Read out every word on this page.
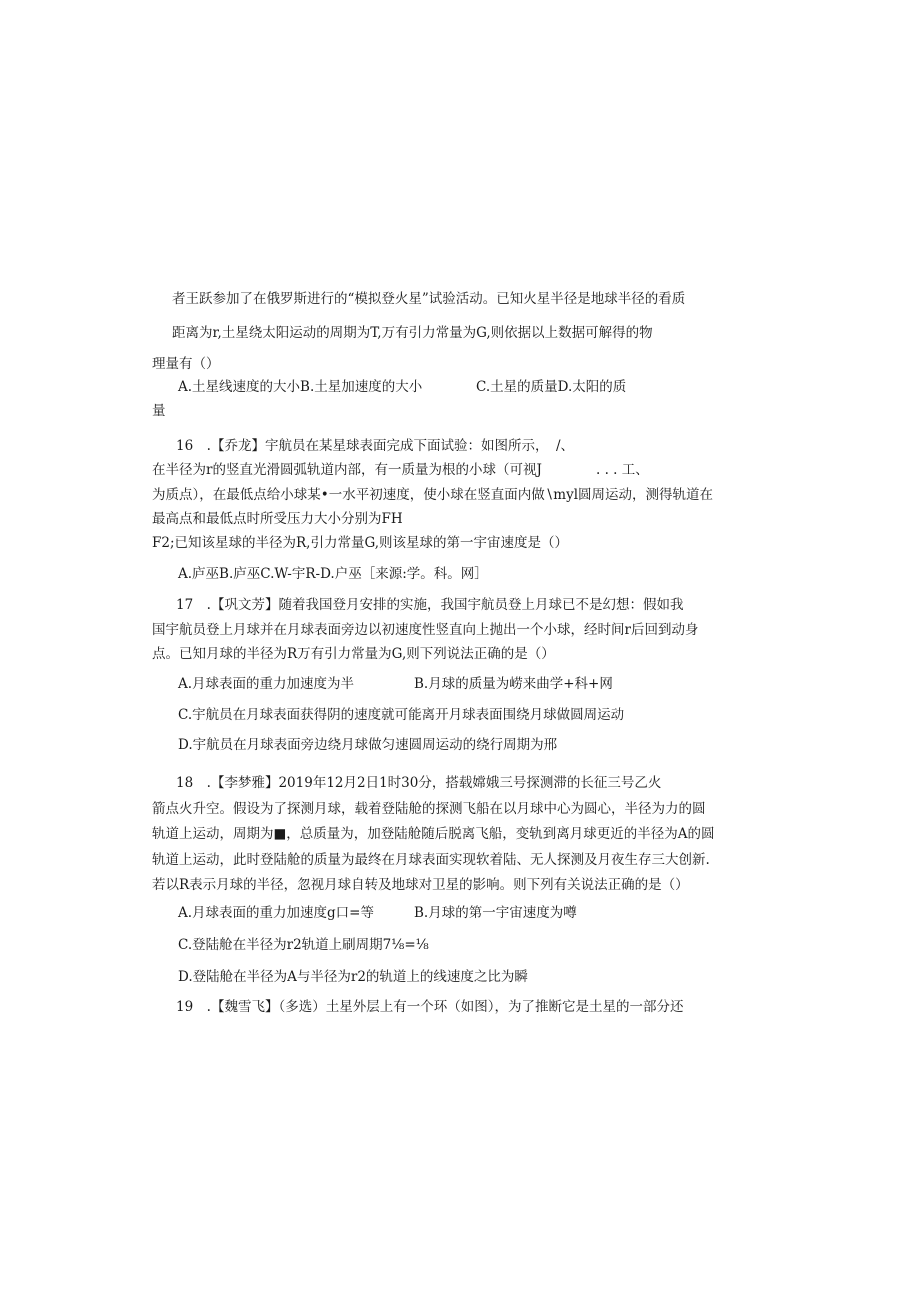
者王跃参加了在俄罗斯进行的“模拟登火星”试验活动。已知火星半径是地球半径的看质
距离为r,土星绕太阳运动的周期为T,万有引力常量为G,则依据以上数据可解得的物
理量有（）
A.土星线速度的大小B.土星加速度的大小	C.土星的质量D.太阳的质
量
16　.【乔龙】宇航员在某星球表面完成下面试验：如图所示， /、
在半径为r的竖直光滑圆弧轨道内部，有一质量为根的小球（可视J	. . . 工、
为质点），在最低点给小球某•一水平初速度，使小球在竖直面内做∖myl圆周运动，测得轨道在
最高点和最低点时所受压力大小分别为FH
F2;已知该星球的半径为R,引力常量G,则该星球的第一宇宙速度是（）
A.庐巫B.庐巫C.W-宇R-D.户巫［来源:学。科。网］
17　.【巩文芳】随着我国登月安排的实施，我国宇航员登上月球已不是幻想：假如我
国宇航员登上月球并在月球表面旁边以初速度性竖直向上抛出一个小球，经时间r后回到动身
点。已知月球的半径为R万有引力常量为G,则下列说法正确的是（）
A.月球表面的重力加速度为半	B.月球的质量为崂来曲学+科+网
C.宇航员在月球表面获得阴的速度就可能离开月球表面围绕月球做圆周运动
D.宇航员在月球表面旁边绕月球做匀速圆周运动的绕行周期为邢
18　.【李梦雅】2019年12月2日1时30分，搭载嫦娥三号探测滞的长征三号乙火
箭点火升空。假设为了探测月球，载着登陆舱的探测飞船在以月球中心为圆心，半径为力的圆
轨道上运动，周期为■，总质量为，加登陆舱随后脱离飞船，变轨到离月球更近的半径为A的圆
轨道上运动，此时登陆舱的质量为最终在月球表面实现软着陆、无人探测及月夜生存三大创新.
若以R表示月球的半径，忽视月球自转及地球对卫星的影响。则下列有关说法正确的是（）
A.月球表面的重力加速度g口=等	B.月球的第一宇宙速度为噂
C.登陆舱在半径为r2轨道上刷周期7⅛=⅛
D.登陆舱在半径为A与半径为r2的轨道上的线速度之比为瞬
19　.【魏雪飞】（多选）土星外层上有一个环（如图），为了推断它是土星的一部分还
